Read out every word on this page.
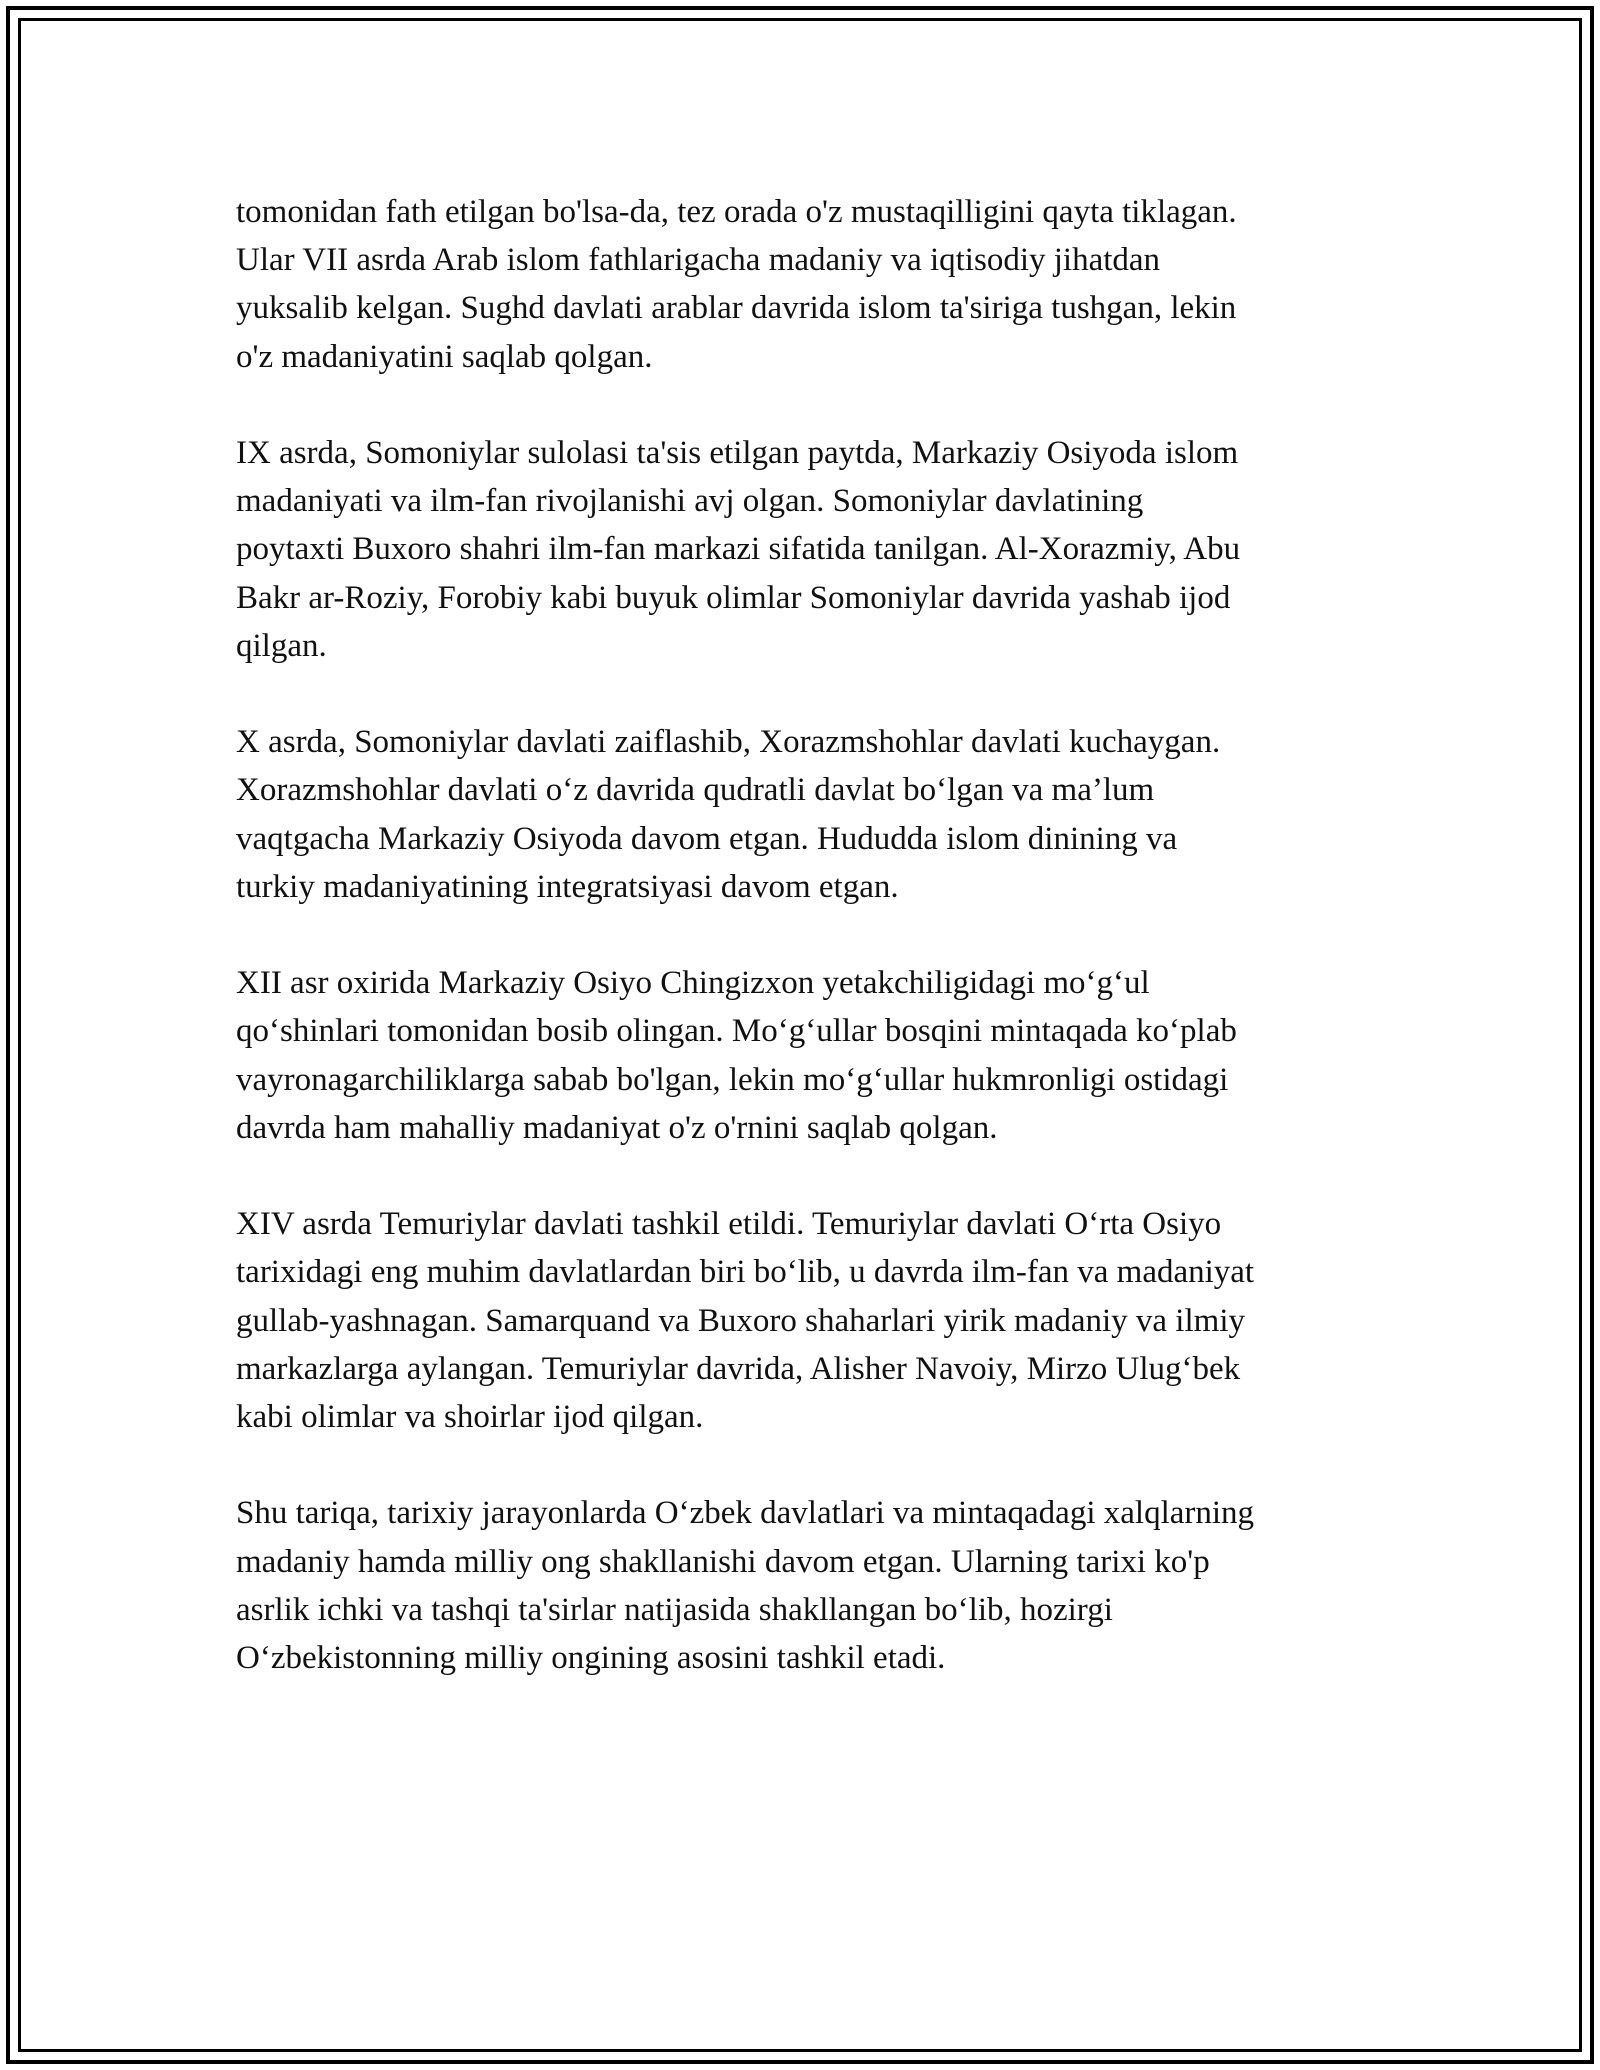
tomonidan fath etilgan bo'lsa-da, tez orada o'z mustaqilligini qayta tiklagan.
Ular VII asrda Arab islom fathlarigacha madaniy va iqtisodiy jihatdan
yuksalib kelgan. Sughd davlati arablar davrida islom ta'siriga tushgan, lekin
o'z madaniyatini saqlab qolgan.

IX asrda, Somoniylar sulolasi ta'sis etilgan paytda, Markaziy Osiyoda islom
madaniyati va ilm-fan rivojlanishi avj olgan. Somoniylar davlatining
poytaxti Buxoro shahri ilm-fan markazi sifatida tanilgan. Al-Xorazmiy, Abu
Bakr ar-Roziy, Forobiy kabi buyuk olimlar Somoniylar davrida yashab ijod
qilgan.

X asrda, Somoniylar davlati zaiflashib, Xorazmshohlar davlati kuchaygan.
Xorazmshohlar davlati o‘z davrida qudratli davlat bo‘lgan va ma’lum
vaqtgacha Markaziy Osiyoda davom etgan. Hududda islom dinining va
turkiy madaniyatining integratsiyasi davom etgan.

XII asr oxirida Markaziy Osiyo Chingizxon yetakchiligidagi mo‘g‘ul
qo‘shinlari tomonidan bosib olingan. Mo‘g‘ullar bosqini mintaqada ko‘plab
vayronagarchiliklarga sabab bo'lgan, lekin mo‘g‘ullar hukmronligi ostidagi
davrda ham mahalliy madaniyat o'z o'rnini saqlab qolgan.

XIV asrda Temuriylar davlati tashkil etildi. Temuriylar davlati O‘rta Osiyo
tarixidagi eng muhim davlatlardan biri bo‘lib, u davrda ilm-fan va madaniyat
gullab-yashnagan. Samarquand va Buxoro shaharlari yirik madaniy va ilmiy
markazlarga aylangan. Temuriylar davrida, Alisher Navoiy, Mirzo Ulug‘bek
kabi olimlar va shoirlar ijod qilgan.

Shu tariqa, tarixiy jarayonlarda O‘zbek davlatlari va mintaqadagi xalqlarning
madaniy hamda milliy ong shakllanishi davom etgan. Ularning tarixi ko'p
asrlik ichki va tashqi ta'sirlar natijasida shakllangan bo‘lib, hozirgi
O‘zbekistonning milliy ongining asosini tashkil etadi.
